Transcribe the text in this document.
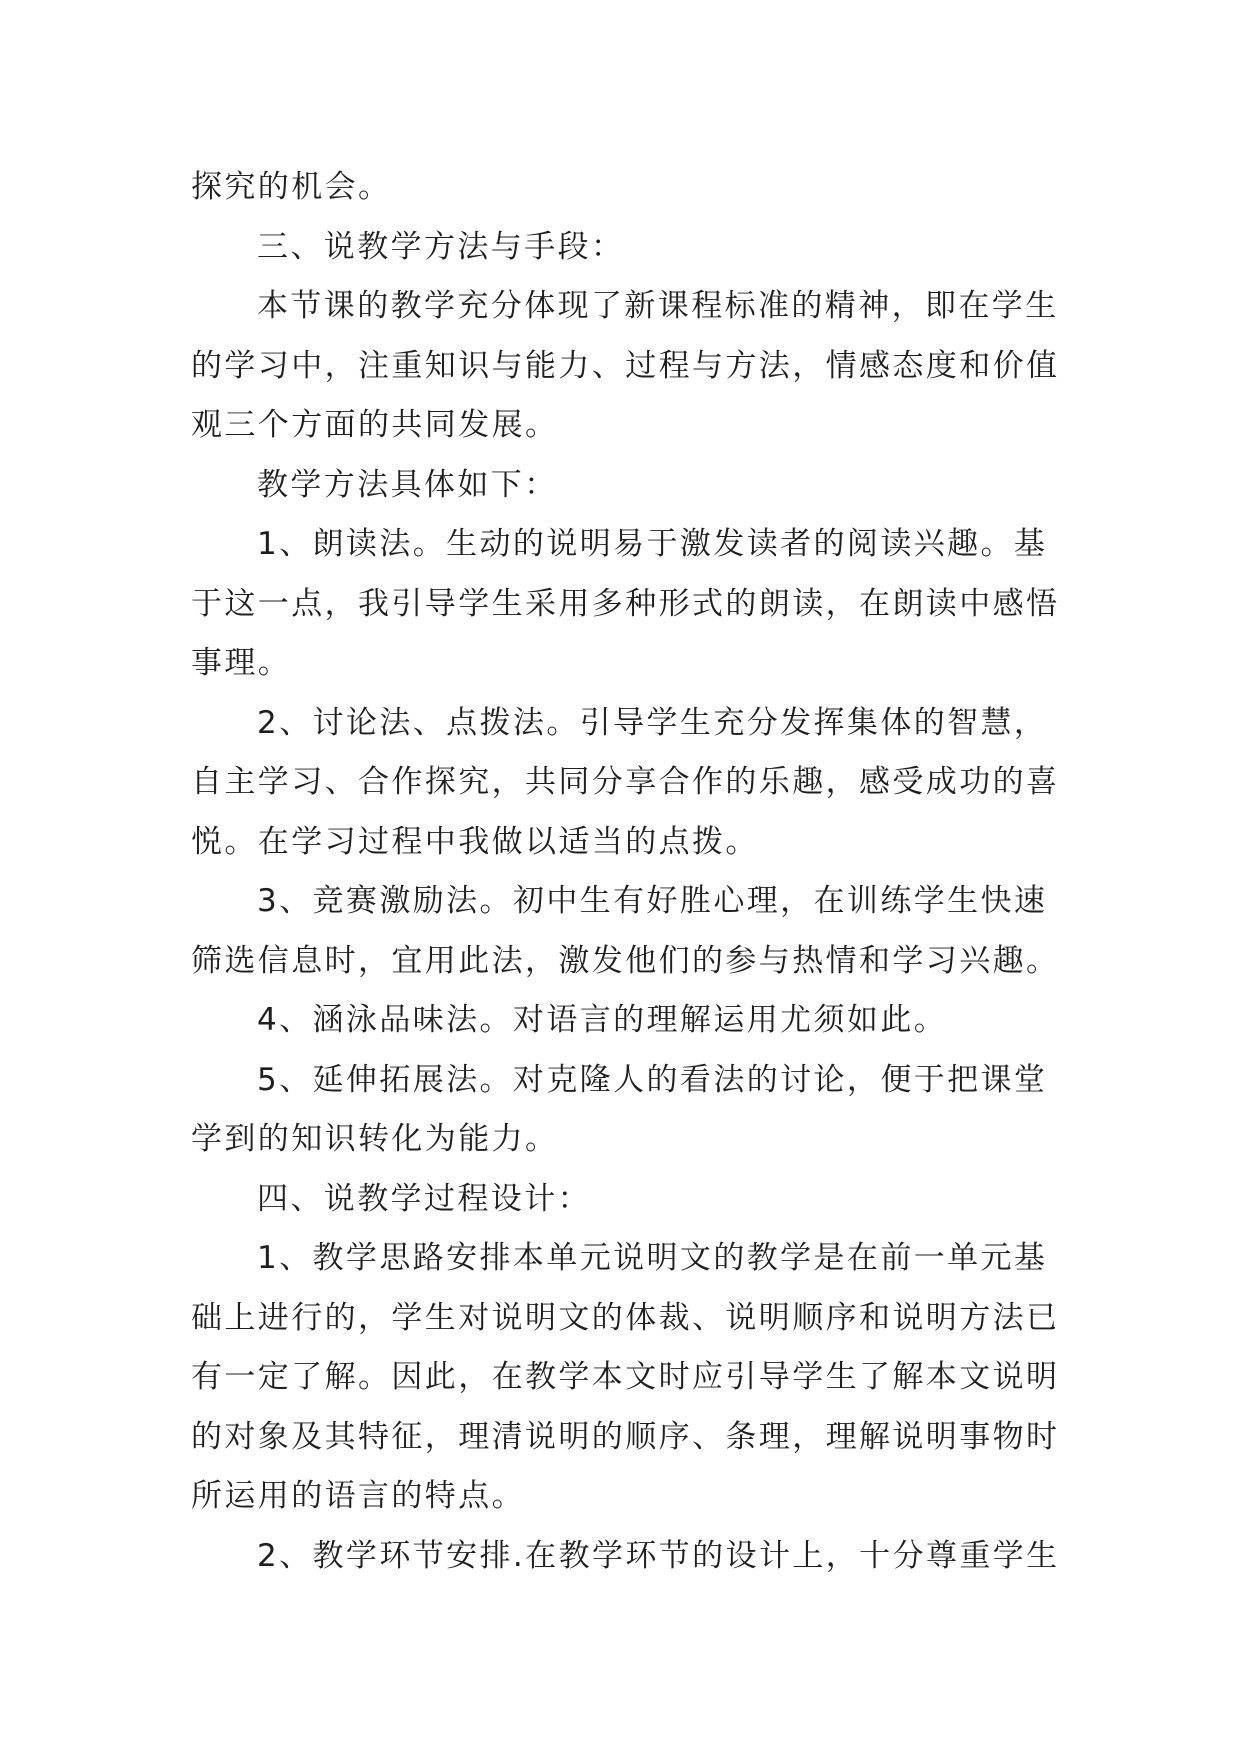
探究的机会。

三、说教学方法与手段：

本节课的教学充分体现了新课程标准的精神，即在学生的学习中，注重知识与能力、过程与方法，情感态度和价值观三个方面的共同发展。

教学方法具体如下：

1、朗读法。生动的说明易于激发读者的阅读兴趣。基于这一点，我引导学生采用多种形式的朗读，在朗读中感悟事理。

2、讨论法、点拨法。引导学生充分发挥集体的智慧，自主学习、合作探究，共同分享合作的乐趣，感受成功的喜悦。在学习过程中我做以适当的点拨。

3、竞赛激励法。初中生有好胜心理，在训练学生快速筛选信息时，宜用此法，激发他们的参与热情和学习兴趣。

4、涵泳品味法。对语言的理解运用尤须如此。

5、延伸拓展法。对克隆人的看法的讨论，便于把课堂学到的知识转化为能力。

四、说教学过程设计：

1、教学思路安排本单元说明文的教学是在前一单元基础上进行的，学生对说明文的体裁、说明顺序和说明方法已有一定了解。因此，在教学本文时应引导学生了解本文说明的对象及其特征，理清说明的顺序、条理，理解说明事物时所运用的语言的特点。

2、教学环节安排.在教学环节的设计上，十分尊重学生
